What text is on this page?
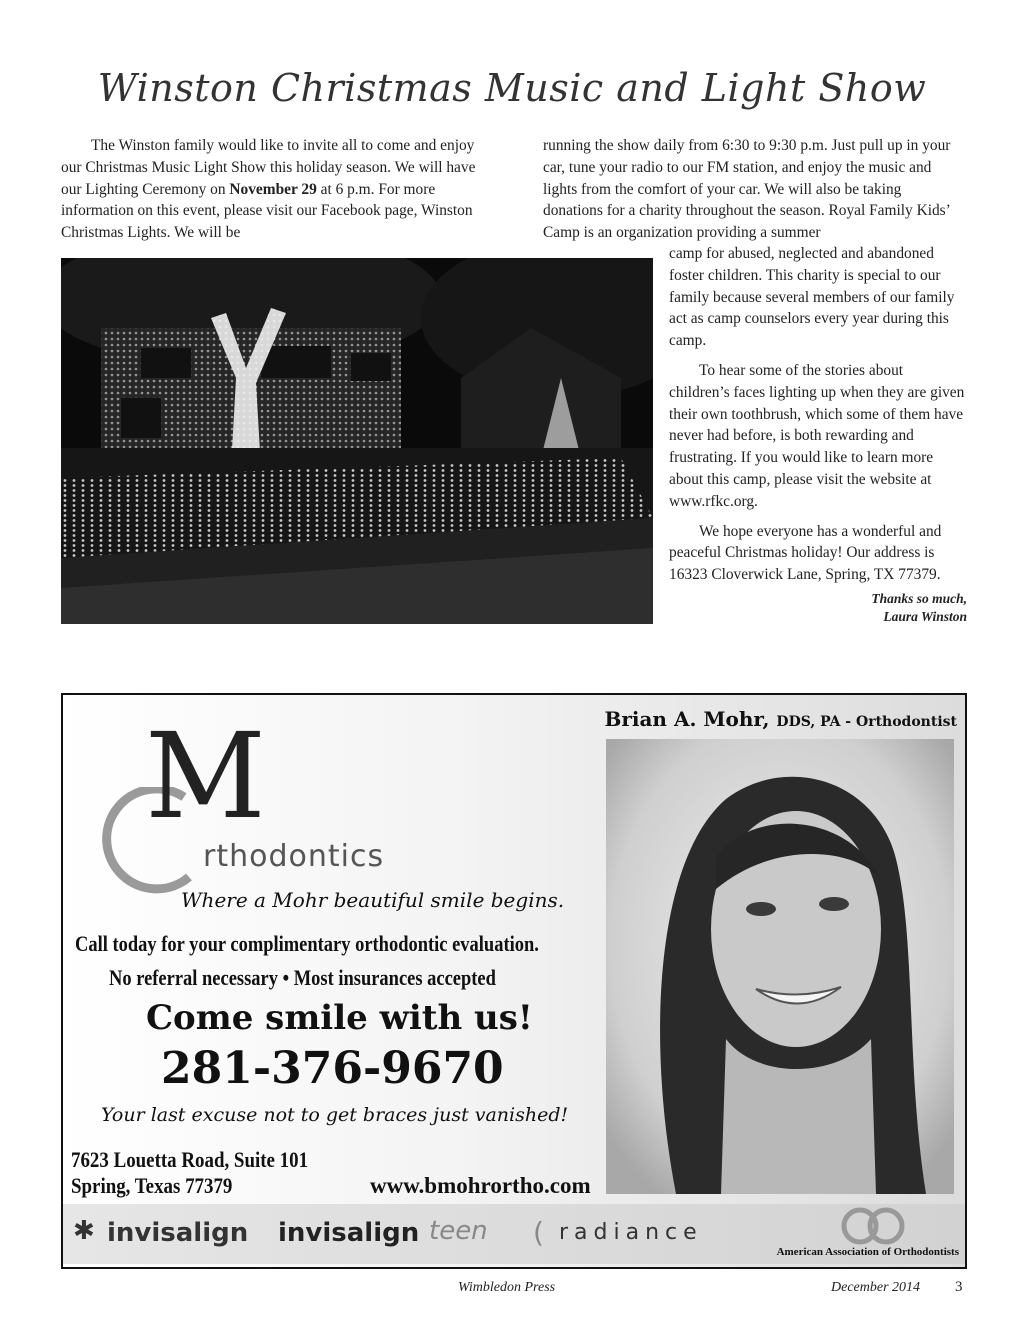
Winston Christmas Music and Light Show

The Winston family would like to invite all to come and enjoy our Christmas Music Light Show this holiday season. We will have our Lighting Ceremony on November 29 at 6 p.m. For more information on this event, please visit our Facebook page, Winston Christmas Lights. We will be

running the show daily from 6:30 to 9:30 p.m. Just pull up in your car, tune your radio to our FM station, and enjoy the music and lights from the comfort of your car. We will also be taking donations for a charity throughout the season. Royal Family Kids’ Camp is an organization providing a summer

camp for abused, neglected and abandoned foster children. This charity is special to our family because several members of our family act as camp counselors every year during this camp.

To hear some of the stories about children’s faces lighting up when they are given their own toothbrush, which some of them have never had before, is both rewarding and frustrating. If you would like to learn more about this camp, please visit the website at www.rfkc.org.

We hope everyone has a wonderful and peaceful Christmas holiday! Our address is 16323 Cloverwick Lane, Spring, TX 77379.

Thanks so much,

Laura Winston

Brian A. Mohr, DDS, PA - Orthodontist
M
rthodontics
Where a Mohr beautiful smile begins.
Call today for your complimentary orthodontic evaluation.
No referral necessary • Most insurances accepted
Come smile with us!
281-376-9670
Your last excuse not to get braces just vanished!
7623 Louetta Road, Suite 101
Spring, Texas 77379	www.bmohrortho.com
✱ invisalign invisalign teen ( radiance
American Association of Orthodontists
Wimbledon Press	December 2014 3
